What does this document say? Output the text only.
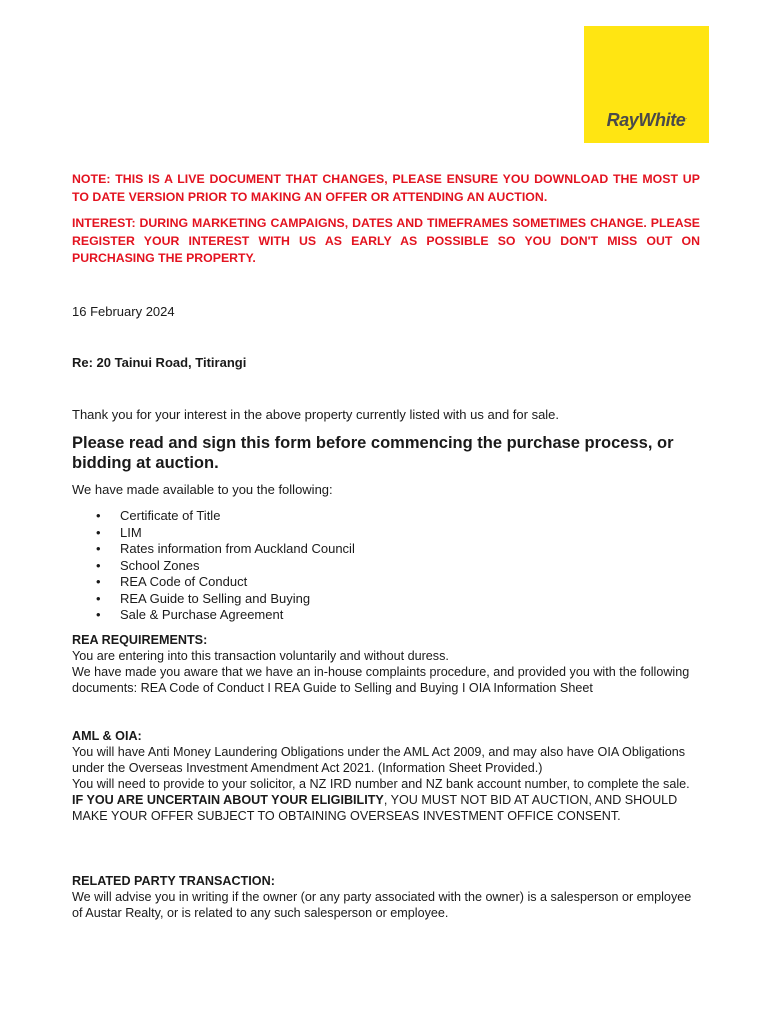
RayWhite.

NOTE: THIS IS A LIVE DOCUMENT THAT CHANGES, PLEASE ENSURE YOU DOWNLOAD THE MOST UP TO DATE VERSION PRIOR TO MAKING AN OFFER OR ATTENDING AN AUCTION.

INTEREST: DURING MARKETING CAMPAIGNS, DATES AND TIMEFRAMES SOMETIMES CHANGE. PLEASE REGISTER YOUR INTEREST WITH US AS EARLY AS POSSIBLE SO YOU DON'T MISS OUT ON PURCHASING THE PROPERTY.

16 February 2024

Re: 20 Tainui Road, Titirangi

Thank you for your interest in the above property currently listed with us and for sale.

Please read and sign this form before commencing the purchase process, or bidding at auction.

We have made available to you the following:

• Certificate of Title
• LIM
• Rates information from Auckland Council
• School Zones
• REA Code of Conduct
• REA Guide to Selling and Buying
• Sale & Purchase Agreement

REA REQUIREMENTS:

You are entering into this transaction voluntarily and without duress.

We have made you aware that we have an in-house complaints procedure, and provided you with the following documents: REA Code of Conduct I REA Guide to Selling and Buying I OIA Information Sheet

AML & OIA:

You will have Anti Money Laundering Obligations under the AML Act 2009, and may also have OIA Obligations under the Overseas Investment Amendment Act 2021. (Information Sheet Provided.)

You will need to provide to your solicitor, a NZ IRD number and NZ bank account number, to complete the sale.

IF YOU ARE UNCERTAIN ABOUT YOUR ELIGIBILITY, YOU MUST NOT BID AT AUCTION, AND SHOULD MAKE YOUR OFFER SUBJECT TO OBTAINING OVERSEAS INVESTMENT OFFICE CONSENT.

RELATED PARTY TRANSACTION:

We will advise you in writing if the owner (or any party associated with the owner) is a salesperson or employee of Austar Realty, or is related to any such salesperson or employee.
